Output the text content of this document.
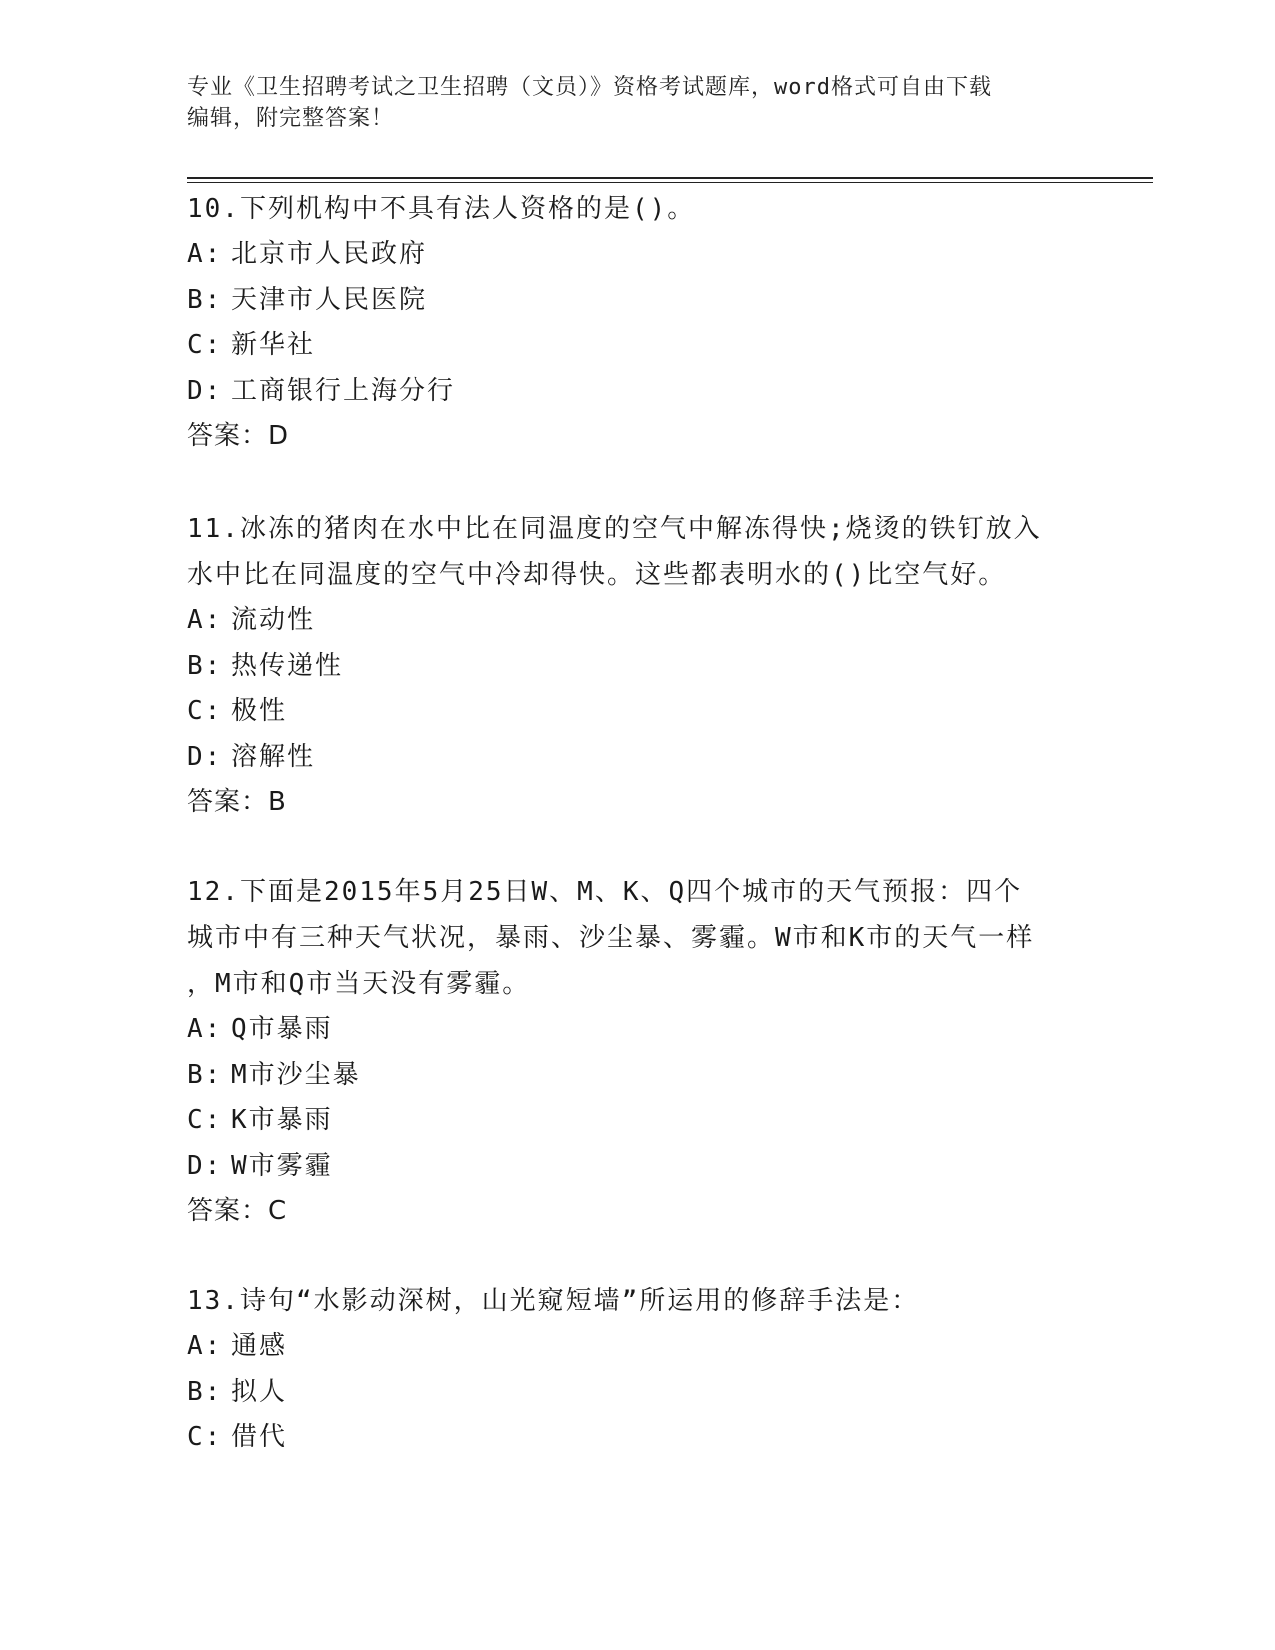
专业《卫生招聘考试之卫生招聘（文员）》资格考试题库，word格式可自由下载
编辑，附完整答案！
10.下列机构中不具有法人资格的是()。
A: 北京市人民政府
B: 天津市人民医院
C: 新华社
D: 工商银行上海分行
答案：D
11.冰冻的猪肉在水中比在同温度的空气中解冻得快;烧烫的铁钉放入
水中比在同温度的空气中冷却得快。这些都表明水的()比空气好。
A: 流动性
B: 热传递性
C: 极性
D: 溶解性
答案：B
12.下面是2015年5月25日W、M、K、Q四个城市的天气预报：四个
城市中有三种天气状况，暴雨、沙尘暴、雾霾。W市和K市的天气一样
，M市和Q市当天没有雾霾。
A: Q市暴雨
B: M市沙尘暴
C: K市暴雨
D: W市雾霾
答案：C
13.诗句“水影动深树，山光窥短墙”所运用的修辞手法是：
A: 通感
B: 拟人
C: 借代
